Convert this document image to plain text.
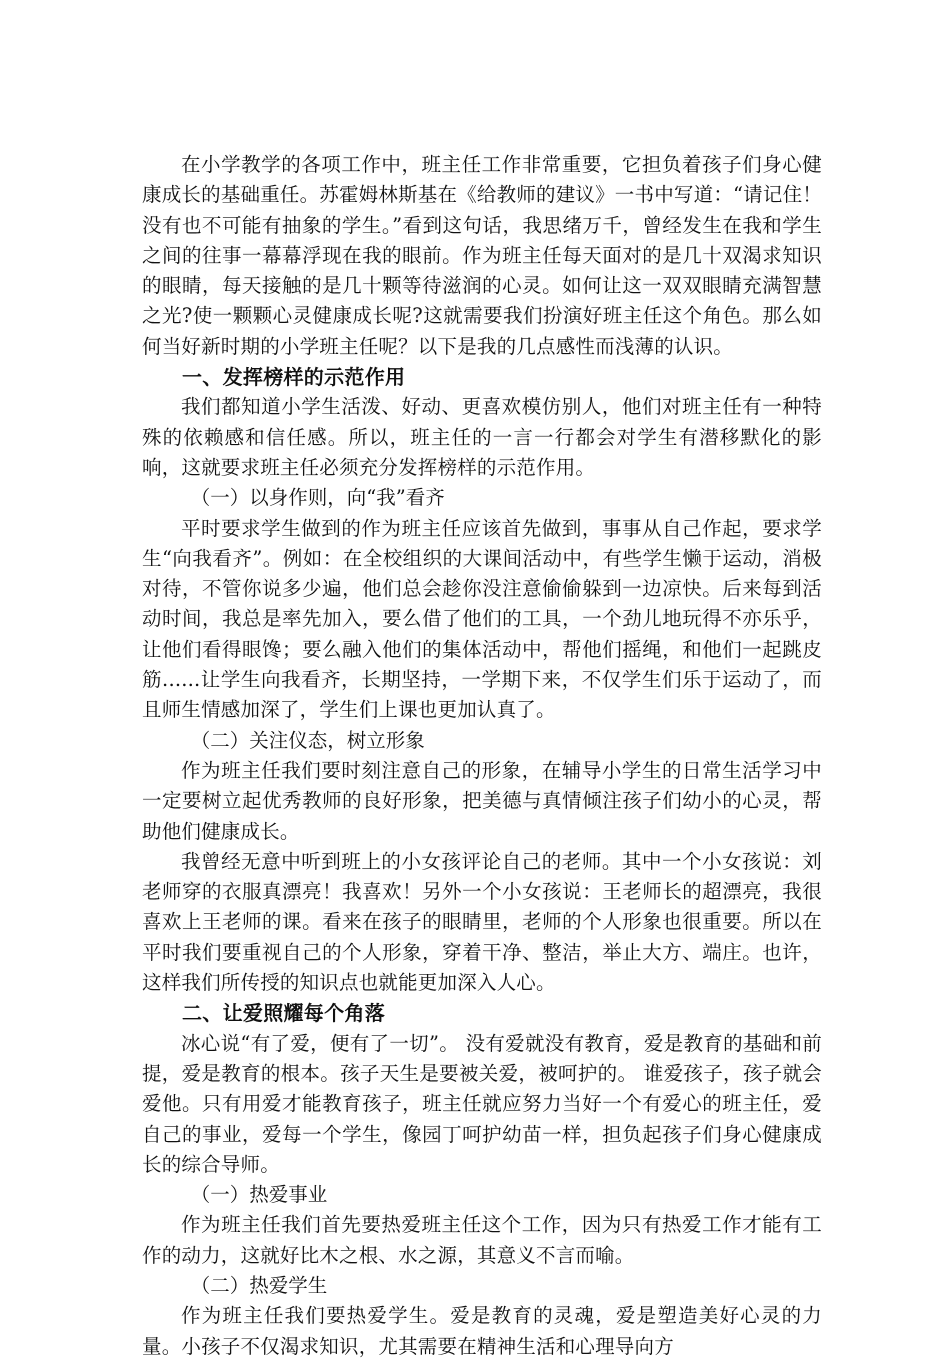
在小学教学的各项工作中，班主任工作非常重要，它担负着孩子们身心健康成长的基础重任。苏霍姆林斯基在《给教师的建议》一书中写道：“请记住！没有也不可能有抽象的学生。”看到这句话，我思绪万千，曾经发生在我和学生之间的往事一幕幕浮现在我的眼前。作为班主任每天面对的是几十双渴求知识的眼睛，每天接触的是几十颗等待滋润的心灵。如何让这一双双眼睛充满智慧之光?使一颗颗心灵健康成长呢?这就需要我们扮演好班主任这个角色。那么如何当好新时期的小学班主任呢？以下是我的几点感性而浅薄的认识。

一、发挥榜样的示范作用

我们都知道小学生活泼、好动、更喜欢模仿别人，他们对班主任有一种特殊的依赖感和信任感。所以，班主任的一言一行都会对学生有潜移默化的影响，这就要求班主任必须充分发挥榜样的示范作用。

（一）以身作则，向“我”看齐

平时要求学生做到的作为班主任应该首先做到，事事从自己作起，要求学生“向我看齐”。例如：在全校组织的大课间活动中，有些学生懒于运动，消极对待，不管你说多少遍，他们总会趁你没注意偷偷躲到一边凉快。后来每到活动时间，我总是率先加入，要么借了他们的工具，一个劲儿地玩得不亦乐乎，让他们看得眼馋；要么融入他们的集体活动中，帮他们摇绳，和他们一起跳皮筋......让学生向我看齐，长期坚持，一学期下来，不仅学生们乐于运动了，而且师生情感加深了，学生们上课也更加认真了。

（二）关注仪态，树立形象

作为班主任我们要时刻注意自己的形象，在辅导小学生的日常生活学习中一定要树立起优秀教师的良好形象，把美德与真情倾注孩子们幼小的心灵，帮助他们健康成长。

我曾经无意中听到班上的小女孩评论自己的老师。其中一个小女孩说：刘老师穿的衣服真漂亮！我喜欢！另外一个小女孩说：王老师长的超漂亮，我很喜欢上王老师的课。看来在孩子的眼睛里，老师的个人形象也很重要。所以在平时我们要重视自己的个人形象，穿着干净、整洁，举止大方、端庄。也许，这样我们所传授的知识点也就能更加深入人心。

二、让爱照耀每个角落

冰心说“有了爱，便有了一切”。 没有爱就没有教育，爱是教育的基础和前提，爱是教育的根本。孩子天生是要被关爱，被呵护的。 谁爱孩子，孩子就会爱他。只有用爱才能教育孩子，班主任就应努力当好一个有爱心的班主任，爱自己的事业，爱每一个学生，像园丁呵护幼苗一样，担负起孩子们身心健康成长的综合导师。

（一）热爱事业

作为班主任我们首先要热爱班主任这个工作，因为只有热爱工作才能有工作的动力，这就好比木之根、水之源，其意义不言而喻。

（二）热爱学生

作为班主任我们要热爱学生。爱是教育的灵魂，爱是塑造美好心灵的力量。小孩子不仅渴求知识，尤其需要在精神生活和心理导向方
